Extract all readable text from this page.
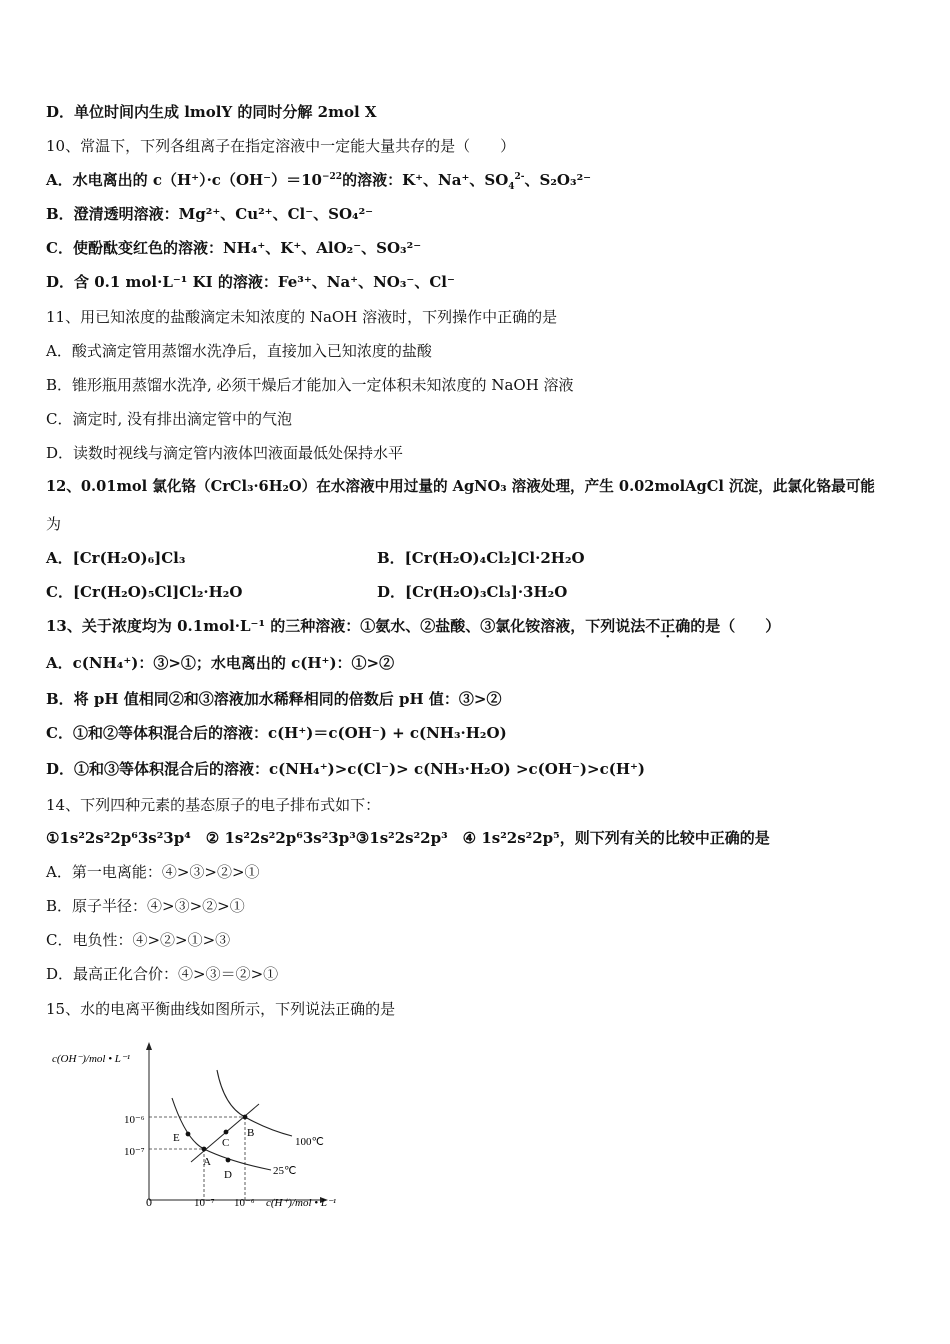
D．单位时间内生成 lmolY 的同时分解 2mol X
10、常温下，下列各组离子在指定溶液中一定能大量共存的是（　　）
A．水电离出的 $c(H^+)\cdot c(OH^-)=10^{-22}$的溶液：K⁺、Na⁺、$SO_4^{2-}$、S₂O₃²⁻
B．澄清透明溶液：Mg²⁺、Cu²⁺、Cl⁻、SO₄²⁻
C．使酚酞变红色的溶液：NH₄⁺、K⁺、AlO₂⁻、SO₃²⁻
D．含 0.1 mol·L⁻¹ KI 的溶液：Fe³⁺、Na⁺、NO₃⁻、Cl⁻
11、用已知浓度的盐酸滴定未知浓度的 NaOH 溶液时，下列操作中正确的是
A．酸式滴定管用蒸馏水洗净后，直接加入已知浓度的盐酸
B．锥形瓶用蒸馏水洗净, 必须干燥后才能加入一定体积未知浓度的 NaOH 溶液
C．滴定时, 没有排出滴定管中的气泡
D．读数时视线与滴定管内液体凹液面最低处保持水平
12、0.01mol 氯化铬（CrCl₃·6H₂O）在水溶液中用过量的 AgNO₃ 溶液处理，产生 0.02molAgCl 沉淀，此氯化铬最可能
为
A．[Cr(H₂O)₆]Cl₃	B．[Cr(H₂O)₄Cl₂]Cl·2H₂O
C．[Cr(H₂O)₅Cl]Cl₂·H₂O	D．[Cr(H₂O)₃Cl₃]·3H₂O
13、关于浓度均为 0.1mol·L⁻¹ 的三种溶液：①氨水、②盐酸、③氯化铵溶液，下列说法不正确的是（　　）
A．c(NH₄⁺)：③>①；水电离出的 c(H⁺)：①>②
B．将 pH 值相同②和③溶液加水稀释相同的倍数后 pH 值：③>②
C．①和②等体积混合后的溶液：c(H⁺)＝c(OH⁻) + c(NH₃·H₂O)
D．①和③等体积混合后的溶液：c(NH₄⁺)>c(Cl⁻)> c(NH₃·H₂O) >c(OH⁻)>c(H⁺)
14、下列四种元素的基态原子的电子排布式如下：
①1s²2s²2p⁶3s²3p⁴　② 1s²2s²2p⁶3s²3p³③1s²2s²2p³　④ 1s²2s²2p⁵，则下列有关的比较中正确的是
A．第一电离能：④>③>②>①
B．原子半径：④>③>②>①
C．电负性：④>②>①>③
D．最高正化合价：④>③＝②>①
15、水的电离平衡曲线如图所示，下列说法正确的是
c(OH⁻)/mol • L⁻¹
c(H⁺)/mol • L⁻¹
0
10⁻⁶
10⁻⁷
10⁻⁷ 10⁻⁶
100℃
25℃
A
B
C
D
E
